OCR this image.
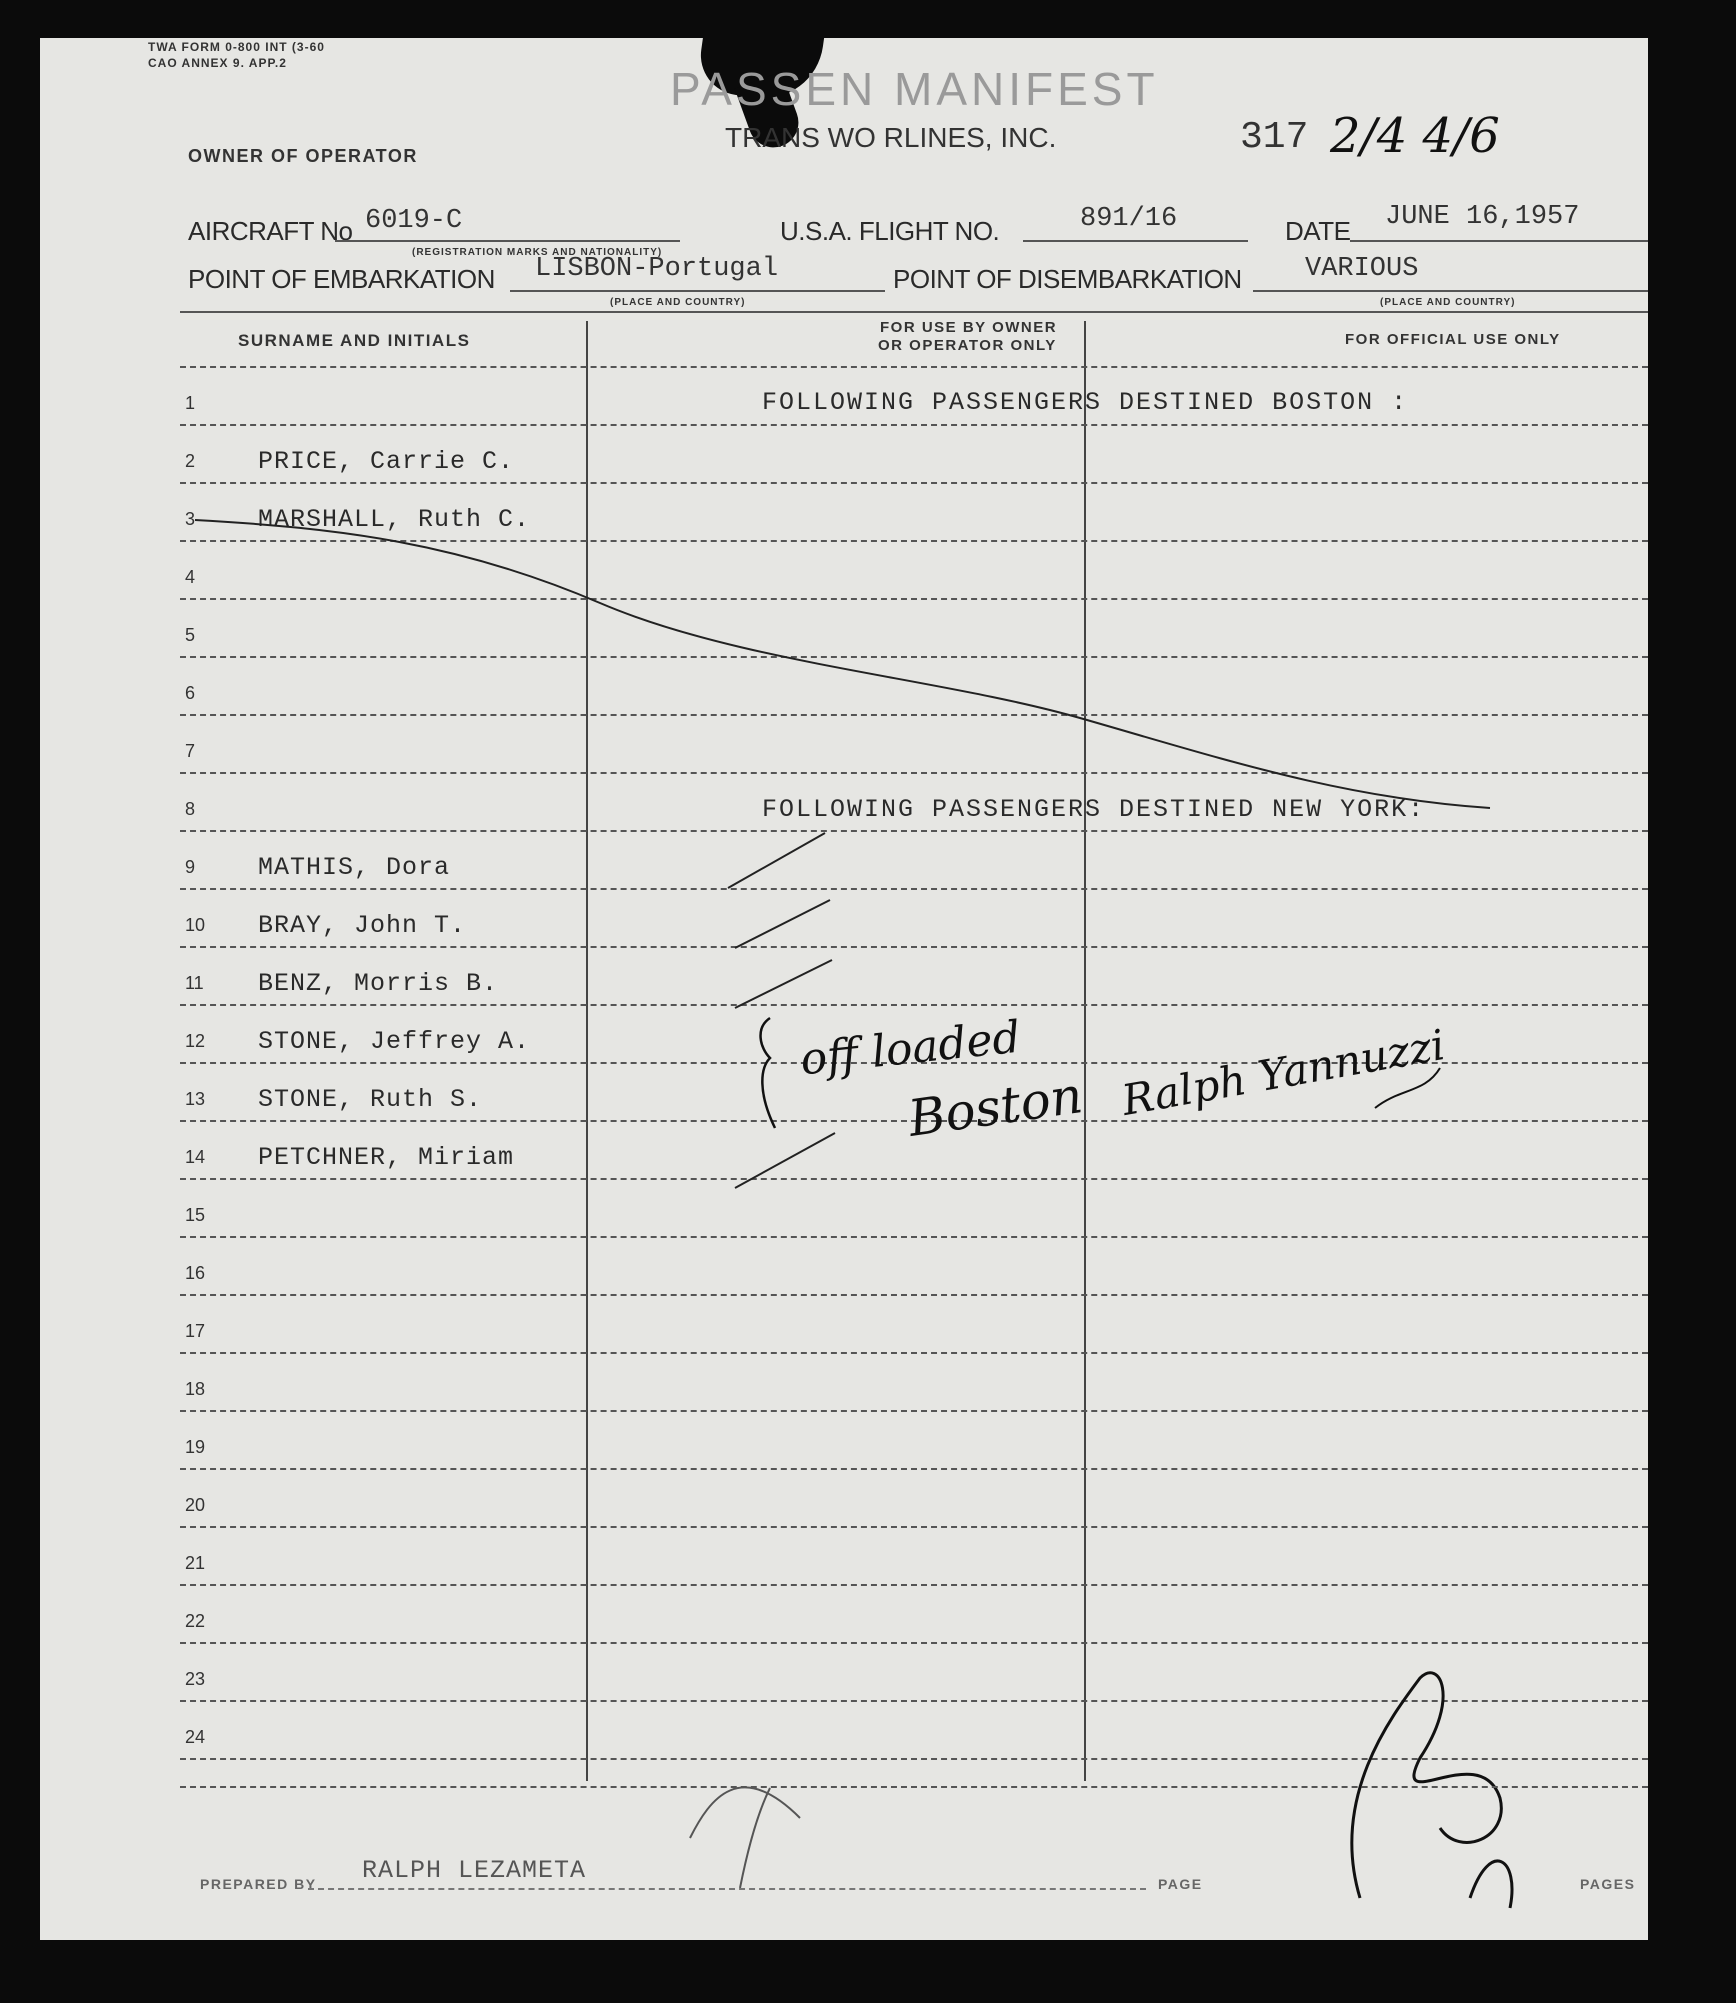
TWA FORM 0-800 INT (3-60
CAO ANNEX 9. APP.2	PASSEN MANIFEST
TRANS WO RLINES, INC.	317 2/4 4/6
OWNER OF OPERATOR
AIRCRAFT No 6019-C
(REGISTRATION MARKS AND NATIONALITY)
U.S.A. FLIGHT NO.	891/16	DATE JUNE 16,1957
POINT OF EMBARKATION LISBON-Portugal
(PLACE AND COUNTRY)
POINT OF DISEMBARKATION VARIOUS
(PLACE AND COUNTRY)
SURNAME AND INITIALS
FOR USE BY OWNER
OR OPERATOR ONLY	FOR OFFICIAL USE ONLY
1	FOLLOWING PASSENGERS DESTINED BOSTON :
2	PRICE, Carrie C.
3	MARSHALL, Ruth C.
4
5
6
7
8	FOLLOWING PASSENGERS DESTINED NEW YORK:
9	MATHIS, Dora
10 BRAY, John T.
11 BENZ, Morris B.
12 STONE, Jeffrey A.
13 STONE, Ruth S.
14 PETCHNER, Miriam
15
16
17
18
19
20
21
22
23
24
off loaded
Boston Ralph Yannuzzi
PREPARED BY RALPH LEZAMETA	PAGE	PAGES
